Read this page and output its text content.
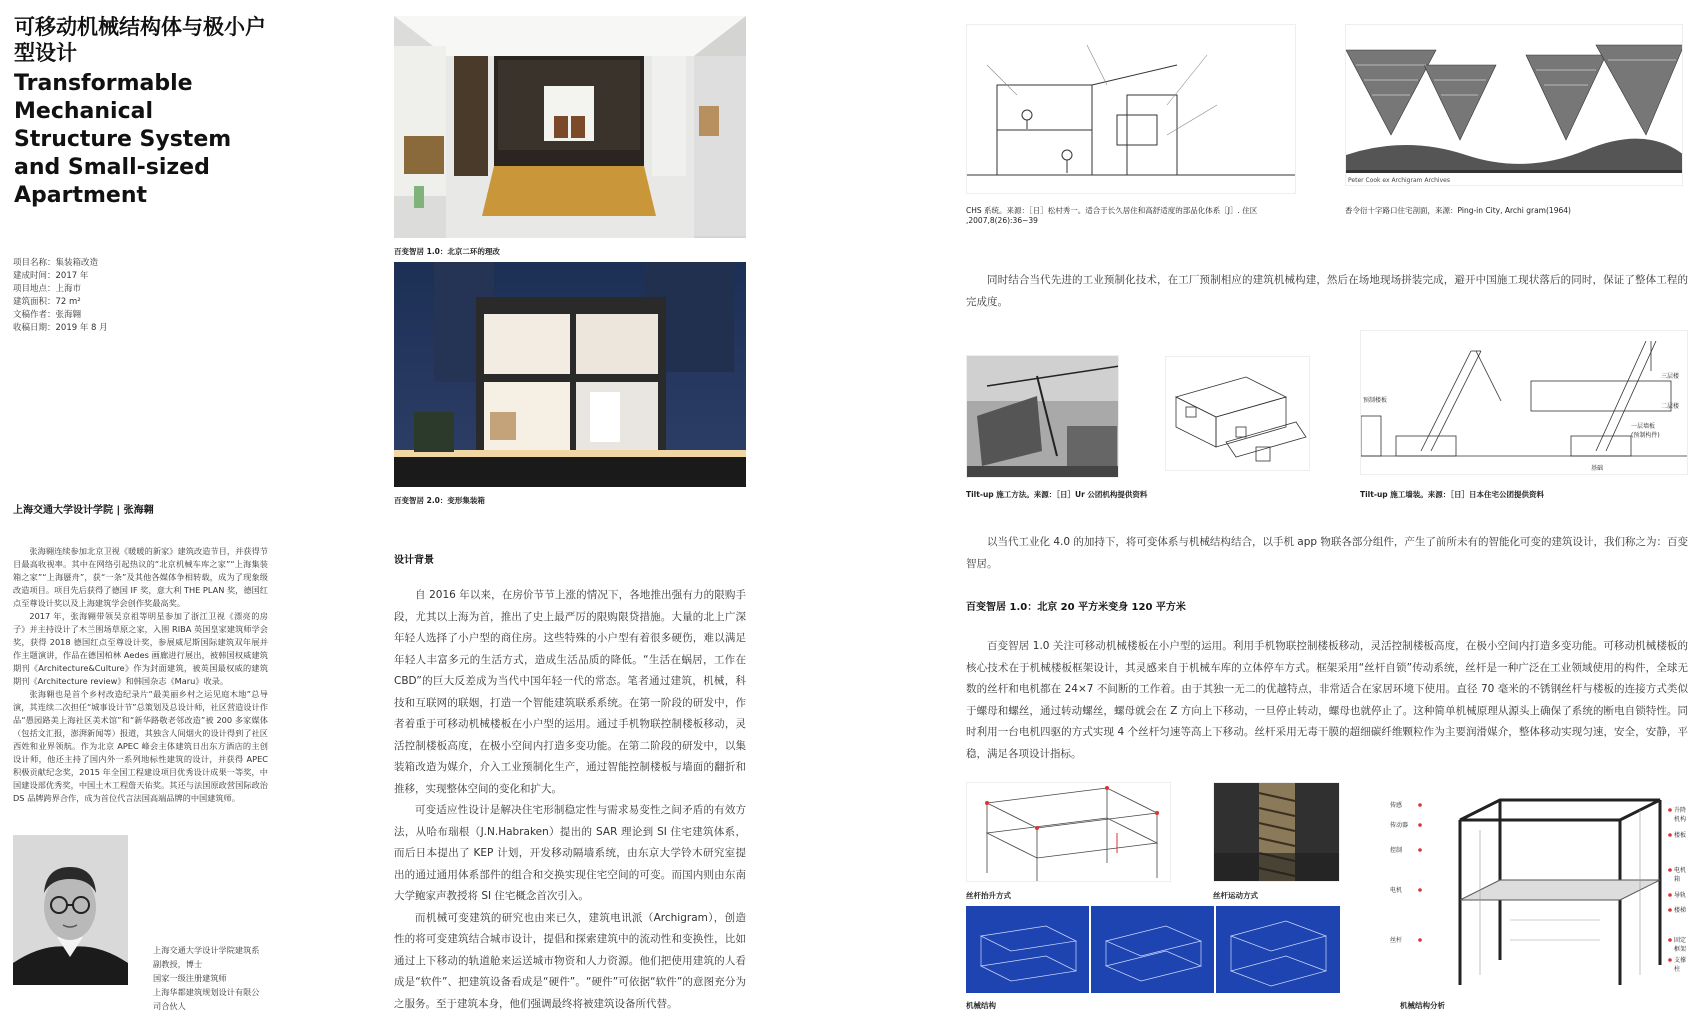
可移动机械结构体与极小户型设计
Transformable Mechanical Structure System and Small-sized Apartment
项目名称：集装箱改造
建成时间：2017 年
项目地点：上海市
建筑面积：72 m²
文稿作者：张海翱
收稿日期：2019 年 8 月
上海交通大学设计学院 | 张海翱

张海翱连续参加北京卫视《暖暖的新家》建筑改造节目，并获得节目最高收视率。其中在网络引起热议的“北京机械车库之家”“上海集装箱之家”“上海蜃舟”，获“一条”及其他各媒体争相转载，成为了现象级改造项目。项目先后获得了德国 IF 奖，意大利 THE PLAN 奖，德国红点至尊设计奖以及上海建筑学会创作奖最高奖。

2017 年，张海翱带领吴京祖等明星参加了浙江卫视《漂亮的房子》并主持设计了木兰围场草原之家，入围 RIBA 英国皇家建筑师学会奖，获得 2018 德国红点至尊设计奖，参展威尼斯国际建筑双年展并作主题演讲，作品在德国柏林 Aedes 画廊进行展出，被韩国权威建筑期刊《Architecture&Culture》作为封面建筑，被英国最权威的建筑期刊《Architecture review》和韩国杂志《Maru》收录。

张海翱也是首个乡村改造纪录片“最美丽乡村之运见庭木地”总导演，其连续二次担任“城事设计节”总策划及总设计师，社区营造设计作品“愚园路美上海社区美术馆”和“新华路敬老邻改造”被 200 多家媒体（包括文汇报，澎湃新闻等）报道，其独含人间烟火的设计得到了社区西姓和业界领航。作为北京 APEC 峰会主体建筑日出东方酒店的主创设计师，他还主持了国内外一系列地标性建筑的设计，并获得 APEC 积极贡献纪念奖，2015 年全国工程建设项目优秀设计成果一等奖，中国建设部优秀奖，中国土木工程詹天佑奖。其还与法国原政营国际政治 DS 品牌跨界合作，成为首位代言法国高端品牌的中国建筑师。

上海交通大学设计学院建筑系
副教授，博士
国家一级注册建筑师
上海华都建筑规划设计有限公
司合伙人
百变智居 1.0：北京二环的理改
百变智居 2.0：变形集装箱
设计背景

自 2016 年以来，在房价节节上涨的情况下，各地推出强有力的限购手段，尤其以上海为首，推出了史上最严厉的限购限贷措施。大量的北上广深年轻人选择了小户型的商住房。这些特殊的小户型有着很多硬伤，难以满足年轻人丰富多元的生活方式，造成生活品质的降低。“生活在蜗居，工作在 CBD”的巨大反差成为当代中国年轻一代的常态。笔者通过建筑，机械，科技和互联网的联姻，打造一个智能建筑联系系统。在第一阶段的研发中，作者着重于可移动机械楼板在小户型的运用。通过手机物联控制楼板移动，灵活控制楼板高度，在极小空间内打造多变功能。在第二阶段的研发中，以集装箱改造为媒介，介入工业预制化生产，通过智能控制楼板与墙面的翻折和推移，实现整体空间的变化和扩大。

可变适应性设计是解决住宅形制稳定性与需求易变性之间矛盾的有效方法，从哈布瑞根（J.N.Habraken）提出的 SAR 理论到 SI 住宅建筑体系，而后日本提出了 KEP 计划，开发移动隔墙系统，由东京大学铃木研究室提出的通过通用体系部件的组合和交换实现住宅空间的可变。而国内则由东南大学鲍家声教授将 SI 住宅概念首次引入。

而机械可变建筑的研究也由来已久，建筑电讯派（Archigram），创造性的将可变建筑结合城市设计，提倡和探索建筑中的流动性和变换性，比如通过上下移动的轨道舱来运送城市物资和人力资源。他们把使用建筑的人看成是“软件”、把建筑设备看成是“硬件”。“硬件”可依据“软件”的意图充分为之服务。至于建筑本身，他们强调最终将被建筑设备所代替。

CHS 系统。来源：［日］松村秀一。适合于长久居住和高舒适度的部品化体系［J］. 住区 ,2007,8(26):36~39
Peter Cook ex Archigram Archives
香令衍十字路口住宅剖面，来源：Ping-in City, Archi gram(1964)

同时结合当代先进的工业预制化技术，在工厂预制相应的建筑机械构建，然后在场地现场拼装完成，避开中国施工现状落后的同时，保证了整体工程的完成度。

Tilt-up 施工方法。来源：［日］Ur 公团机构提供资料
预制楼板
一层墙板
(预制构件)
基础
三层楼
二层楼
Tilt-up 施工墙装。来源：［日］日本住宅公团提供资料

以当代工业化 4.0 的加持下，将可变体系与机械结构结合，以手机 app 物联各部分组件，产生了前所未有的智能化可变的建筑设计，我们称之为：百变智居。

百变智居 1.0：北京 20 平方米变身 120 平方米

百变智居 1.0 关注可移动机械楼板在小户型的运用。利用手机物联控制楼板移动，灵活控制楼板高度，在极小空间内打造多变功能。可移动机械楼板的核心技术在于机械楼板框架设计，其灵感来自于机械车库的立体停车方式。框架采用“丝杆自锁”传动系统，丝杆是一种广泛在工业领域使用的构件，全球无数的丝杆和电机都在 24×7 不间断的工作着。由于其独一无二的优越特点，非常适合在家居环境下使用。直径 70 毫米的不锈钢丝杆与楼板的连接方式类似于螺母和螺丝，通过转动螺丝，螺母就会在 Z 方向上下移动，一旦停止转动，螺母也就停止了。这种简单机械原理从源头上确保了系统的断电自锁特性。同时利用一台电机四驱的方式实现 4 个丝杆匀速等高上下移动。丝杆采用无毒干膜的超细碳纤维颗粒作为主要润滑媒介，整体移动实现匀速，安全，安静，平稳，满足各项设计指标。

丝杆抬升方式	丝杆运动方式
机械结构
传感
传动器
控制
电机
丝杆
升降机构
楼板
电机箱
导轨
楼梯
固定框架
支撑柱
机械结构分析
